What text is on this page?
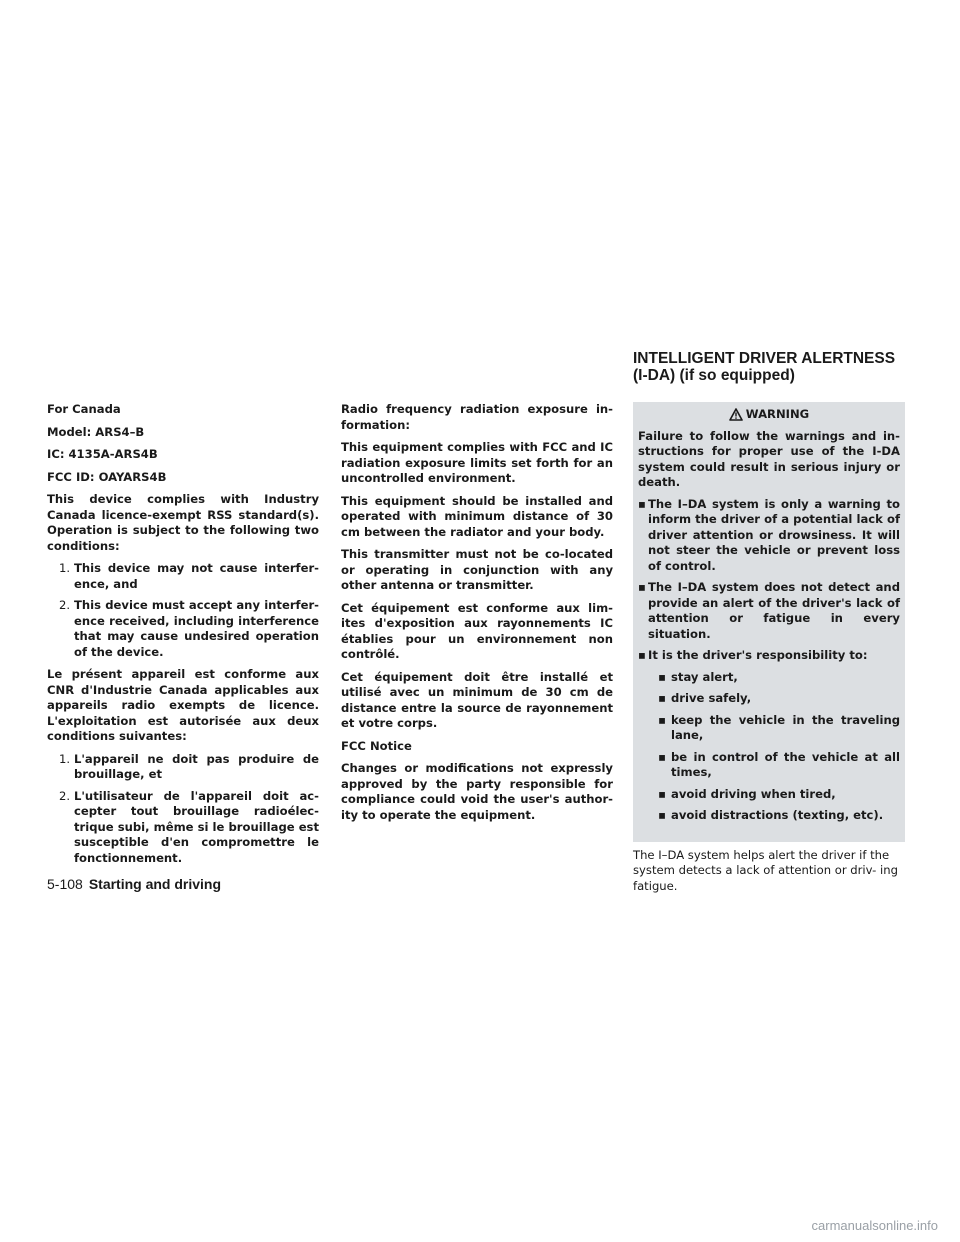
INTELLIGENT DRIVER ALERTNESS
(I-DA) (if so equipped)

For Canada

Model: ARS4–B

IC: 4135A-ARS4B

FCC ID: OAYARS4B

This device complies with Industry Canada licence-exempt RSS standard(s). Operation is subject to the following two conditions:

1. This device may not cause interfer- ence, and
2. This device must accept any interfer- ence received, including interference that may cause undesired operation of the device.

Le présent appareil est conforme aux CNR d'Industrie Canada applicables aux appareils radio exempts de licence. L'exploitation est autorisée aux deux conditions suivantes:

1. L'appareil ne doit pas produire de brouillage, et
2. L'utilisateur de l'appareil doit ac- cepter tout brouillage radioélec- trique subi, même si le brouillage est susceptible d'en compromettre le fonctionnement.

Radio frequency radiation exposure in- formation:

This equipment complies with FCC and IC radiation exposure limits set forth for an uncontrolled environment.

This equipment should be installed and operated with minimum distance of 30 cm between the radiator and your body.

This transmitter must not be co-located or operating in conjunction with any other antenna or transmitter.

Cet équipement est conforme aux lim- ites d'exposition aux rayonnements IC établies pour un environnement non contrôlé.

Cet équipement doit être installé et utilisé avec un minimum de 30 cm de distance entre la source de rayonnement et votre corps.

FCC Notice

Changes or modifications not expressly approved by the party responsible for compliance could void the user's author- ity to operate the equipment.

WARNING

Failure to follow the warnings and in- structions for proper use of the I-DA system could result in serious injury or death.

▪ The I–DA system is only a warning to inform the driver of a potential lack of driver attention or drowsiness. It will not steer the vehicle or prevent loss of control.
▪ The I–DA system does not detect and provide an alert of the driver's lack of attention or fatigue in every situation.
▪ It is the driver's responsibility to:
▪ stay alert,
▪ drive safely,
▪ keep the vehicle in the traveling lane,
▪ be in control of the vehicle at all times,
▪ avoid driving when tired,
▪ avoid distractions (texting, etc).

The I–DA system helps alert the driver if the system detects a lack of attention or driv- ing fatigue.

5-108 Starting and driving
carmanualsonline.info
